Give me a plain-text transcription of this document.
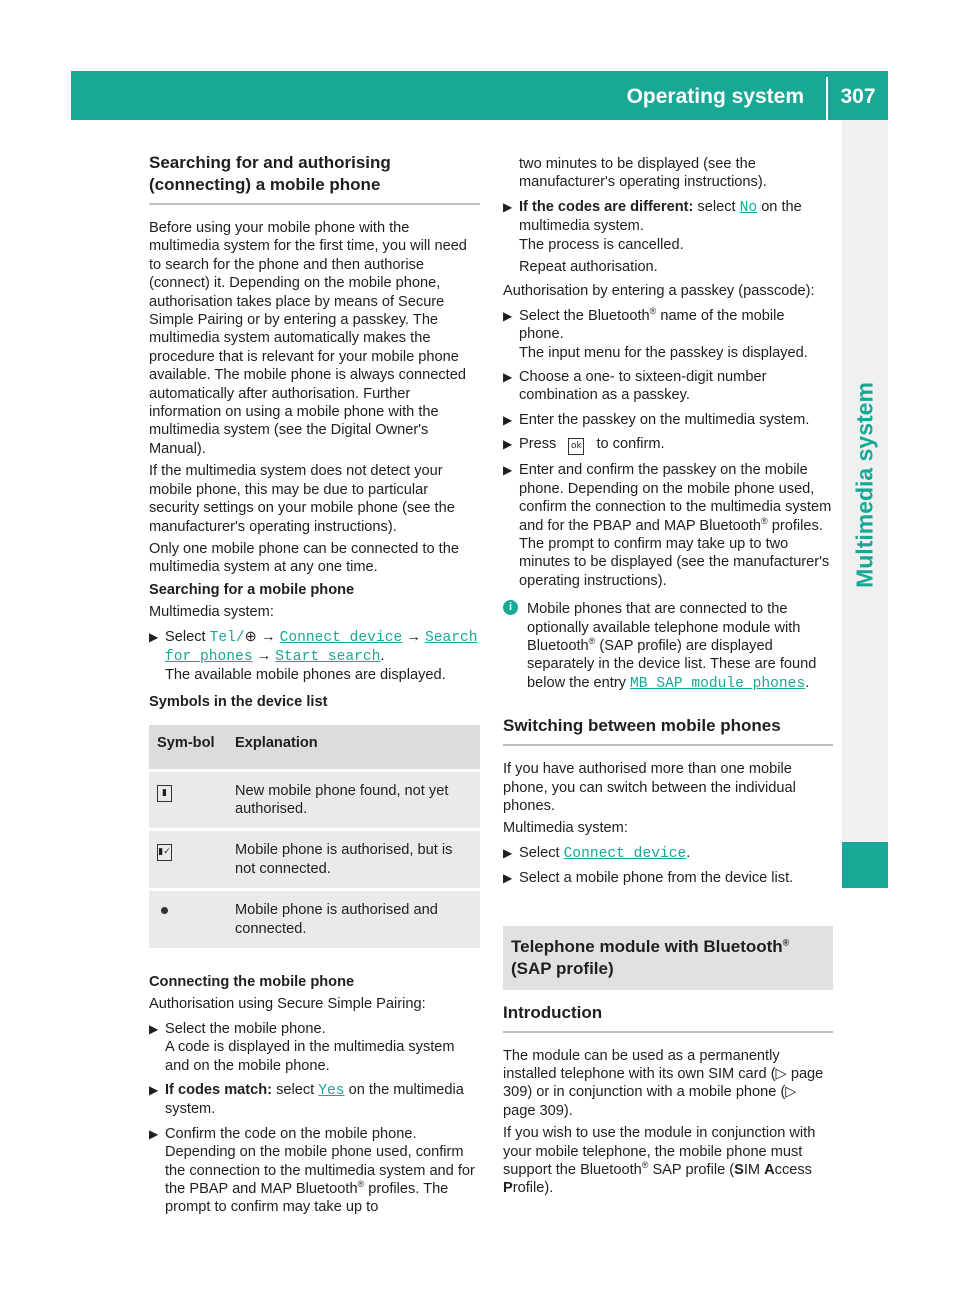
Operating system	307
Multimedia system
Searching for and authorising (connecting) a mobile phone

Before using your mobile phone with the multimedia system for the first time, you will need to search for the phone and then authorise (connect) it. Depending on the mobile phone, authorisation takes place by means of Secure Simple Pairing or by entering a passkey. The multimedia system automatically makes the procedure that is relevant for your mobile phone available. The mobile phone is always connected automatically after authorisation. Further information on using a mobile phone with the multimedia system (see the Digital Owner's Manual).

If the multimedia system does not detect your mobile phone, this may be due to particular security settings on your mobile phone (see the manufacturer's operating instructions).

Only one mobile phone can be connected to the multimedia system at any one time.

Searching for a mobile phone

Multimedia system:

▶ Select Tel/⊕ → Connect device → Search for phones → Start search.
The available mobile phones are displayed.

Symbols in the device list

Sym-bol	Explanation
▮	New mobile phone found, not yet authorised.
▮✓	Mobile phone is authorised, but is not connected.
	Mobile phone is authorised and connected.

Connecting the mobile phone

Authorisation using Secure Simple Pairing:

▶ Select the mobile phone.
A code is displayed in the multimedia system and on the mobile phone.
▶ If codes match: select Yes on the multimedia system.
▶ Confirm the code on the mobile phone.
Depending on the mobile phone used, confirm the connection to the multimedia system and for the PBAP and MAP Bluetooth® profiles. The prompt to confirm may take up to
two minutes to be displayed (see the manufacturer's operating instructions).
▶ If the codes are different: select No on the multimedia system.
The process is cancelled.
Repeat authorisation.

Authorisation by entering a passkey (passcode):

▶ Select the Bluetooth® name of the mobile phone.
The input menu for the passkey is displayed.
▶ Choose a one- to sixteen-digit number combination as a passkey.
▶ Enter the passkey on the multimedia system.
▶ Press ok to confirm.
▶ Enter and confirm the passkey on the mobile phone. Depending on the mobile phone used, confirm the connection to the multimedia system and for the PBAP and MAP Bluetooth® profiles. The prompt to confirm may take up to two minutes to be displayed (see the manufacturer's operating instructions).
i	Mobile phones that are connected to the optionally available telephone module with Bluetooth® (SAP profile) are displayed separately in the device list. These are found below the entry MB SAP module phones.
Switching between mobile phones

If you have authorised more than one mobile phone, you can switch between the individual phones.

Multimedia system:

▶ Select Connect device.
▶ Select a mobile phone from the device list.
Telephone module with Bluetooth®
(SAP profile)
Introduction

The module can be used as a permanently installed telephone with its own SIM card (▷ page 309) or in conjunction with a mobile phone (▷ page 309).

If you wish to use the module in conjunction with your mobile telephone, the mobile phone must support the Bluetooth® SAP profile (SIM Access Profile).
